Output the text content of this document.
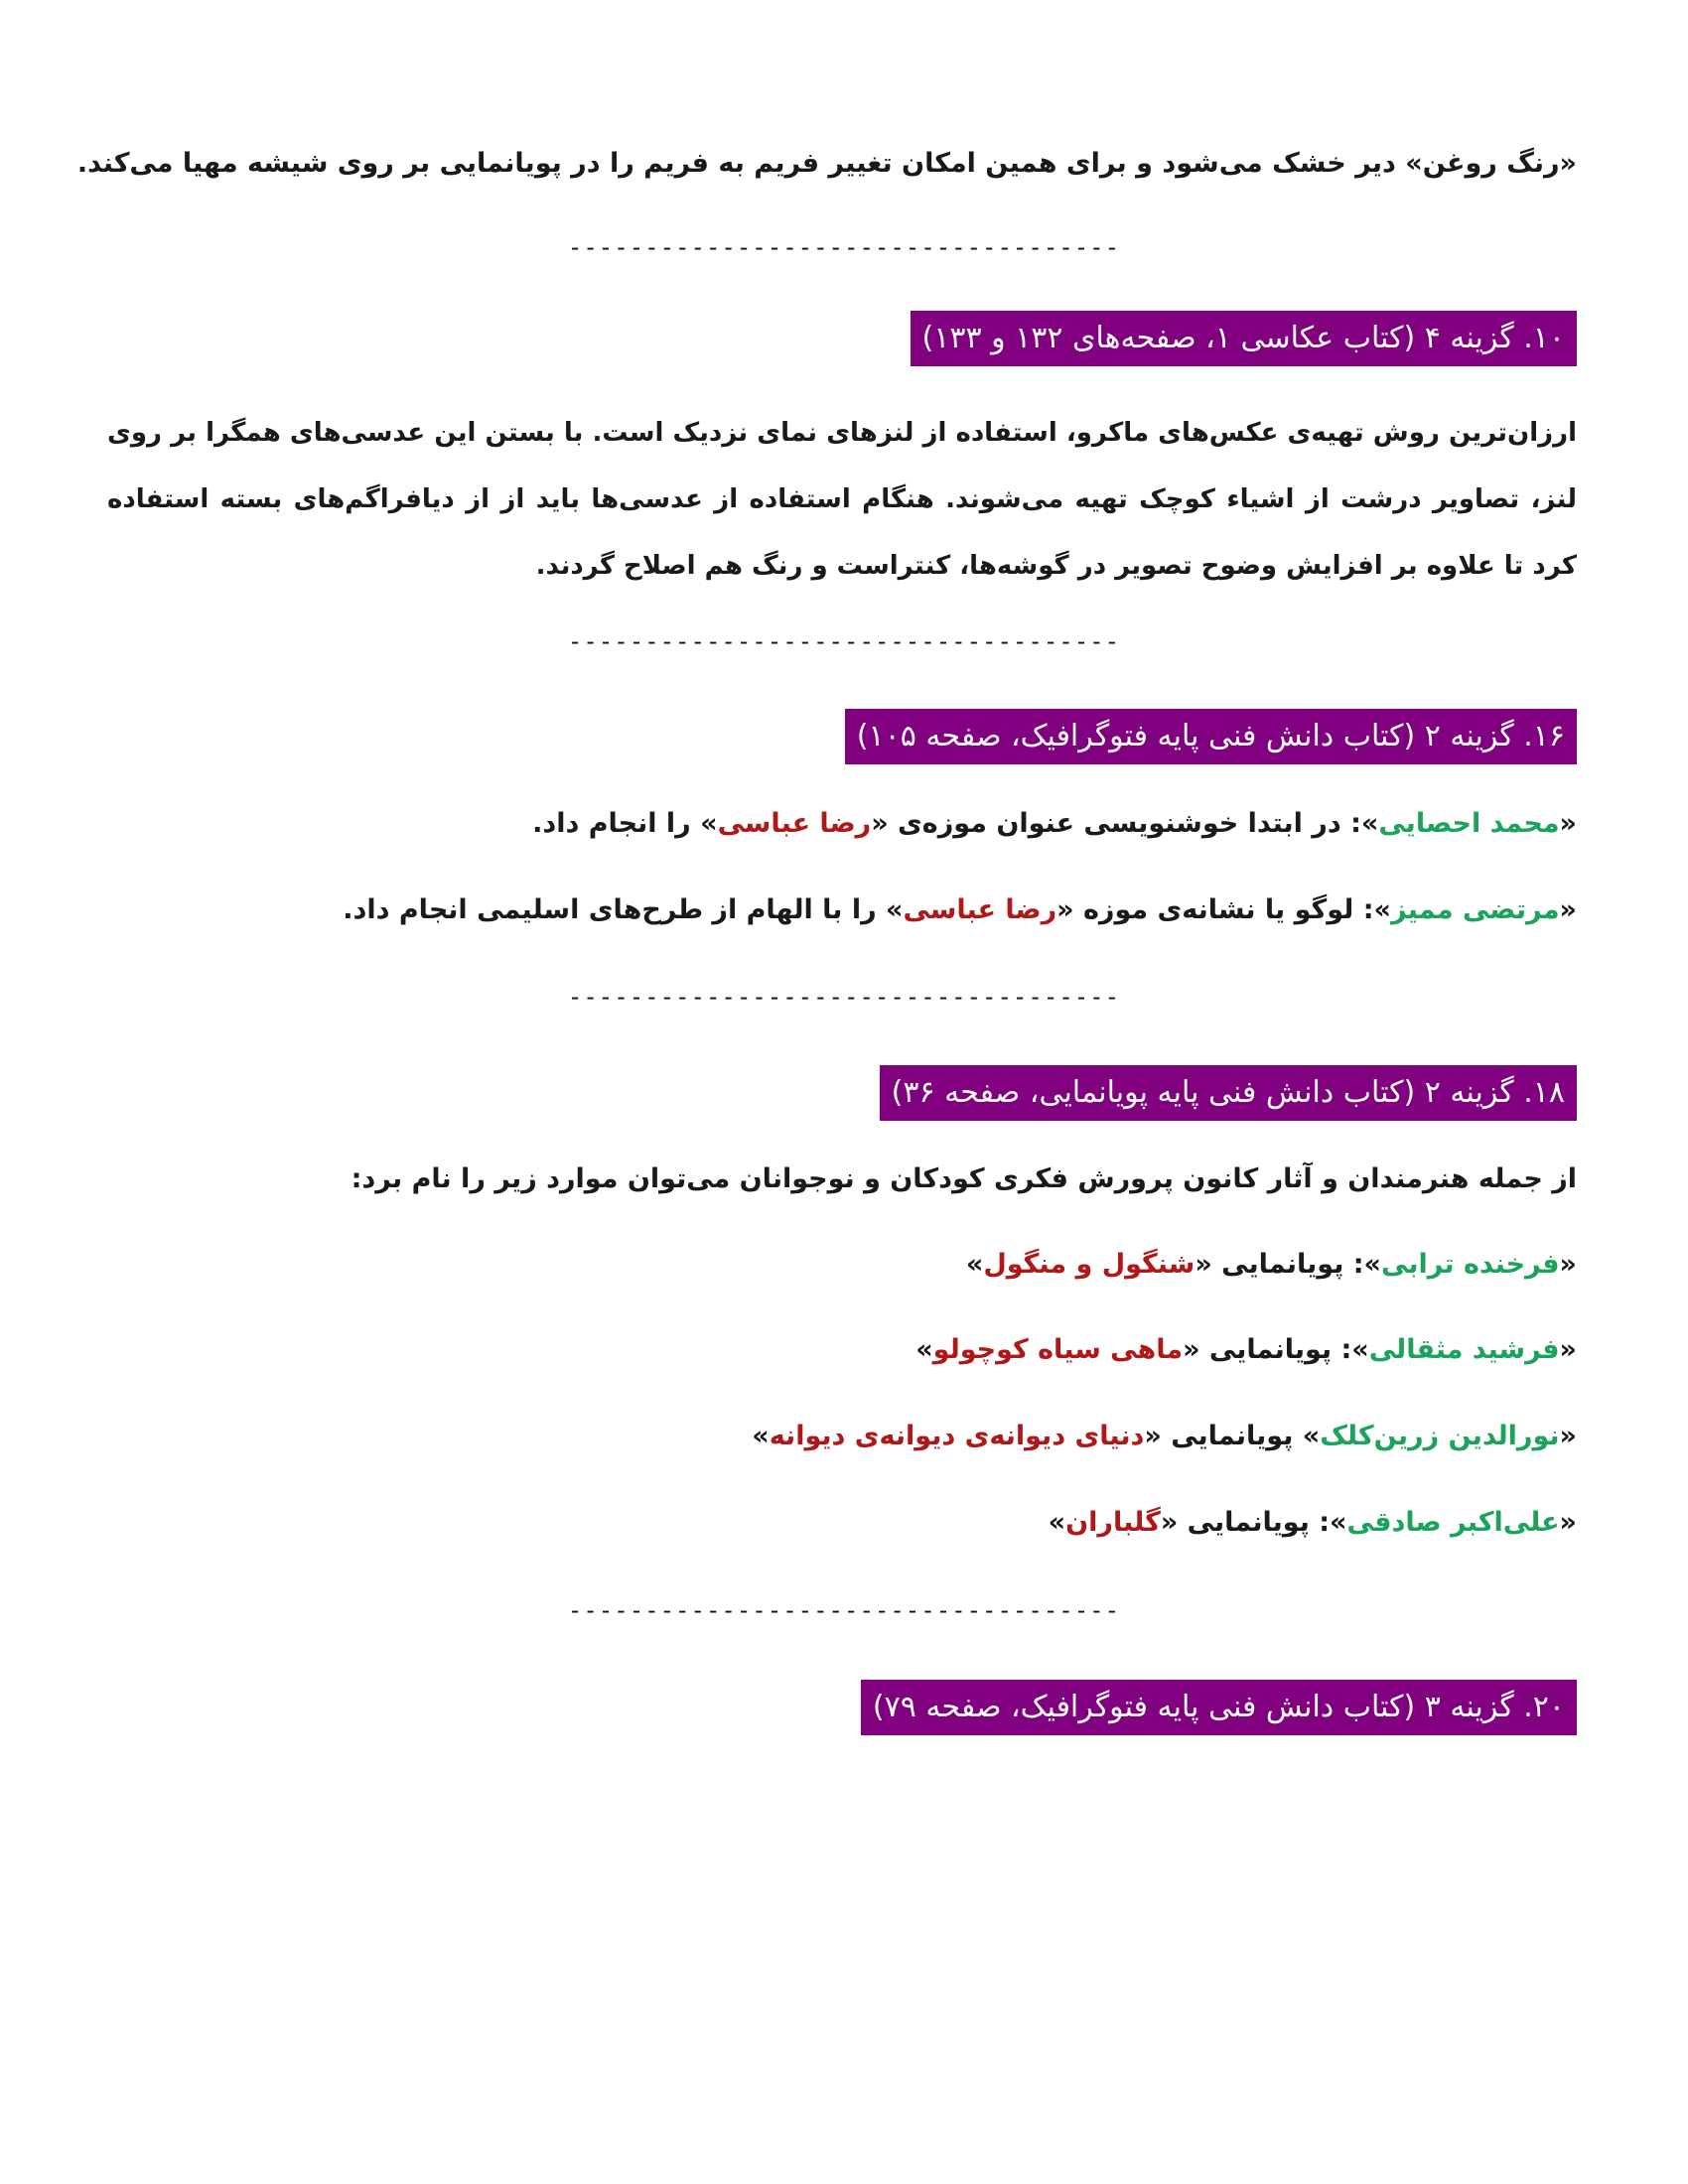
«رنگ روغن» دیر خشک می‌شود و برای همین امکان تغییر فریم به فریم را در پویانمایی بر روی شیشه مهیا می‌کند.
------------------------------------
۱۰. گزینه ۴ (کتاب عکاسی ۱، صفحه‌های ۱۳۲ و ۱۳۳)
ارزان‌ترین روش تهیه‌ی عکس‌های ماکرو، استفاده از لنزهای نمای نزدیک است. با بستن این عدسی‌های همگرا بر روی لنز، تصاویر درشت از اشیاء کوچک تهیه می‌شوند. هنگام استفاده از عدسی‌ها باید از از دیافراگم‌های بسته استفاده کرد تا علاوه بر افزایش وضوح تصویر در گوشه‌ها، کنتراست و رنگ هم اصلاح گردند.
------------------------------------
۱۶. گزینه ۲ (کتاب دانش فنی پایه فتوگرافیک، صفحه ۱۰۵)
«محمد احصایی»: در ابتدا خوشنویسی عنوان موزه‌ی «رضا عباسی» را انجام داد.
«مرتضی ممیز»: لوگو یا نشانه‌ی موزه «رضا عباسی» را با الهام از طرح‌های اسلیمی انجام داد.
------------------------------------
۱۸. گزینه ۲ (کتاب دانش فنی پایه پویانمایی، صفحه ۳۶)
از جمله هنرمندان و آثار کانون پرورش فکری کودکان و نوجوانان می‌توان موارد زیر را نام برد:
«فرخنده ترابی»: پویانمایی «شنگول و منگول»
«فرشید مثقالی»: پویانمایی «ماهی سیاه کوچولو»
«نورالدین زرین‌کلک» پویانمایی «دنیای دیوانه‌ی دیوانه‌ی دیوانه»
«علی‌اکبر صادقی»: پویانمایی «گلباران»
------------------------------------
۲۰. گزینه ۳ (کتاب دانش فنی پایه فتوگرافیک، صفحه ۷۹)
